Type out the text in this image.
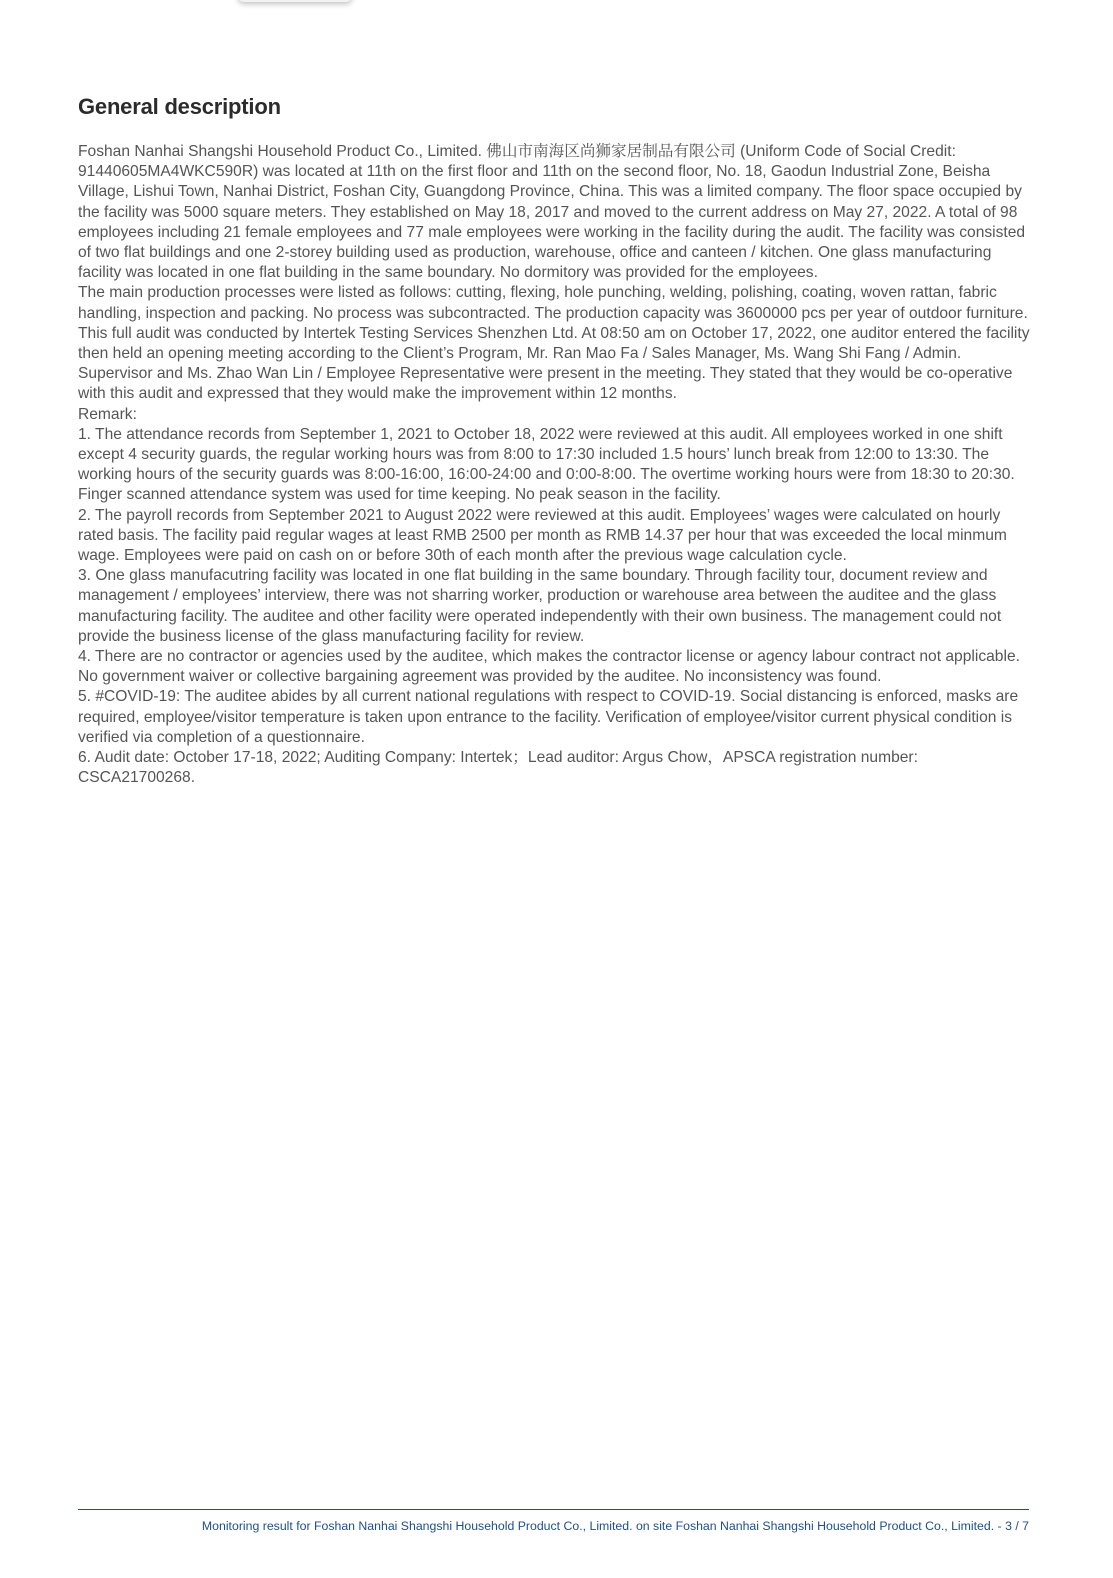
General description

Foshan Nanhai Shangshi Household Product Co., Limited. 佛山市南海区尚狮家居制品有限公司 (Uniform Code of Social Credit: 91440605MA4WKC590R) was located at 11th on the first floor and 11th on the second floor, No. 18, Gaodun Industrial Zone, Beisha Village, Lishui Town, Nanhai District, Foshan City, Guangdong Province, China. This was a limited company. The floor space occupied by the facility was 5000 square meters. They established on May 18, 2017 and moved to the current address on May 27, 2022. A total of 98 employees including 21 female employees and 77 male employees were working in the facility during the audit. The facility was consisted of two flat buildings and one 2-storey building used as production, warehouse, office and canteen / kitchen. One glass manufacturing facility was located in one flat building in the same boundary. No dormitory was provided for the employees.

The main production processes were listed as follows: cutting, flexing, hole punching, welding, polishing, coating, woven rattan, fabric handling, inspection and packing. No process was subcontracted. The production capacity was 3600000 pcs per year of outdoor furniture.

This full audit was conducted by Intertek Testing Services Shenzhen Ltd. At 08:50 am on October 17, 2022, one auditor entered the facility then held an opening meeting according to the Client’s Program, Mr. Ran Mao Fa / Sales Manager, Ms. Wang Shi Fang / Admin. Supervisor and Ms. Zhao Wan Lin / Employee Representative were present in the meeting. They stated that they would be co-operative with this audit and expressed that they would make the improvement within 12 months.

Remark:

1. The attendance records from September 1, 2021 to October 18, 2022 were reviewed at this audit. All employees worked in one shift except 4 security guards, the regular working hours was from 8:00 to 17:30 included 1.5 hours’ lunch break from 12:00 to 13:30. The working hours of the security guards was 8:00-16:00, 16:00-24:00 and 0:00-8:00. The overtime working hours were from 18:30 to 20:30. Finger scanned attendance system was used for time keeping. No peak season in the facility.

2. The payroll records from September 2021 to August 2022 were reviewed at this audit. Employees’ wages were calculated on hourly rated basis. The facility paid regular wages at least RMB 2500 per month as RMB 14.37 per hour that was exceeded the local minmum wage. Employees were paid on cash on or before 30th of each month after the previous wage calculation cycle.

3. One glass manufacutring facility was located in one flat building in the same boundary. Through facility tour, document review and management / employees’ interview, there was not sharring worker, production or warehouse area between the auditee and the glass manufacturing facility. The auditee and other facility were operated independently with their own business. The management could not provide the business license of the glass manufacturing facility for review.

4. There are no contractor or agencies used by the auditee, which makes the contractor license or agency labour contract not applicable. No government waiver or collective bargaining agreement was provided by the auditee. No inconsistency was found.

5. #COVID-19: The auditee abides by all current national regulations with respect to COVID-19. Social distancing is enforced, masks are required, employee/visitor temperature is taken upon entrance to the facility. Verification of employee/visitor current physical condition is verified via completion of a questionnaire.

6. Audit date: October 17-18, 2022; Auditing Company: Intertek；Lead auditor: Argus Chow，APSCA registration number: CSCA21700268.

Monitoring result for Foshan Nanhai Shangshi Household Product Co., Limited. on site Foshan Nanhai Shangshi Household Product Co., Limited. - 3 / 7
